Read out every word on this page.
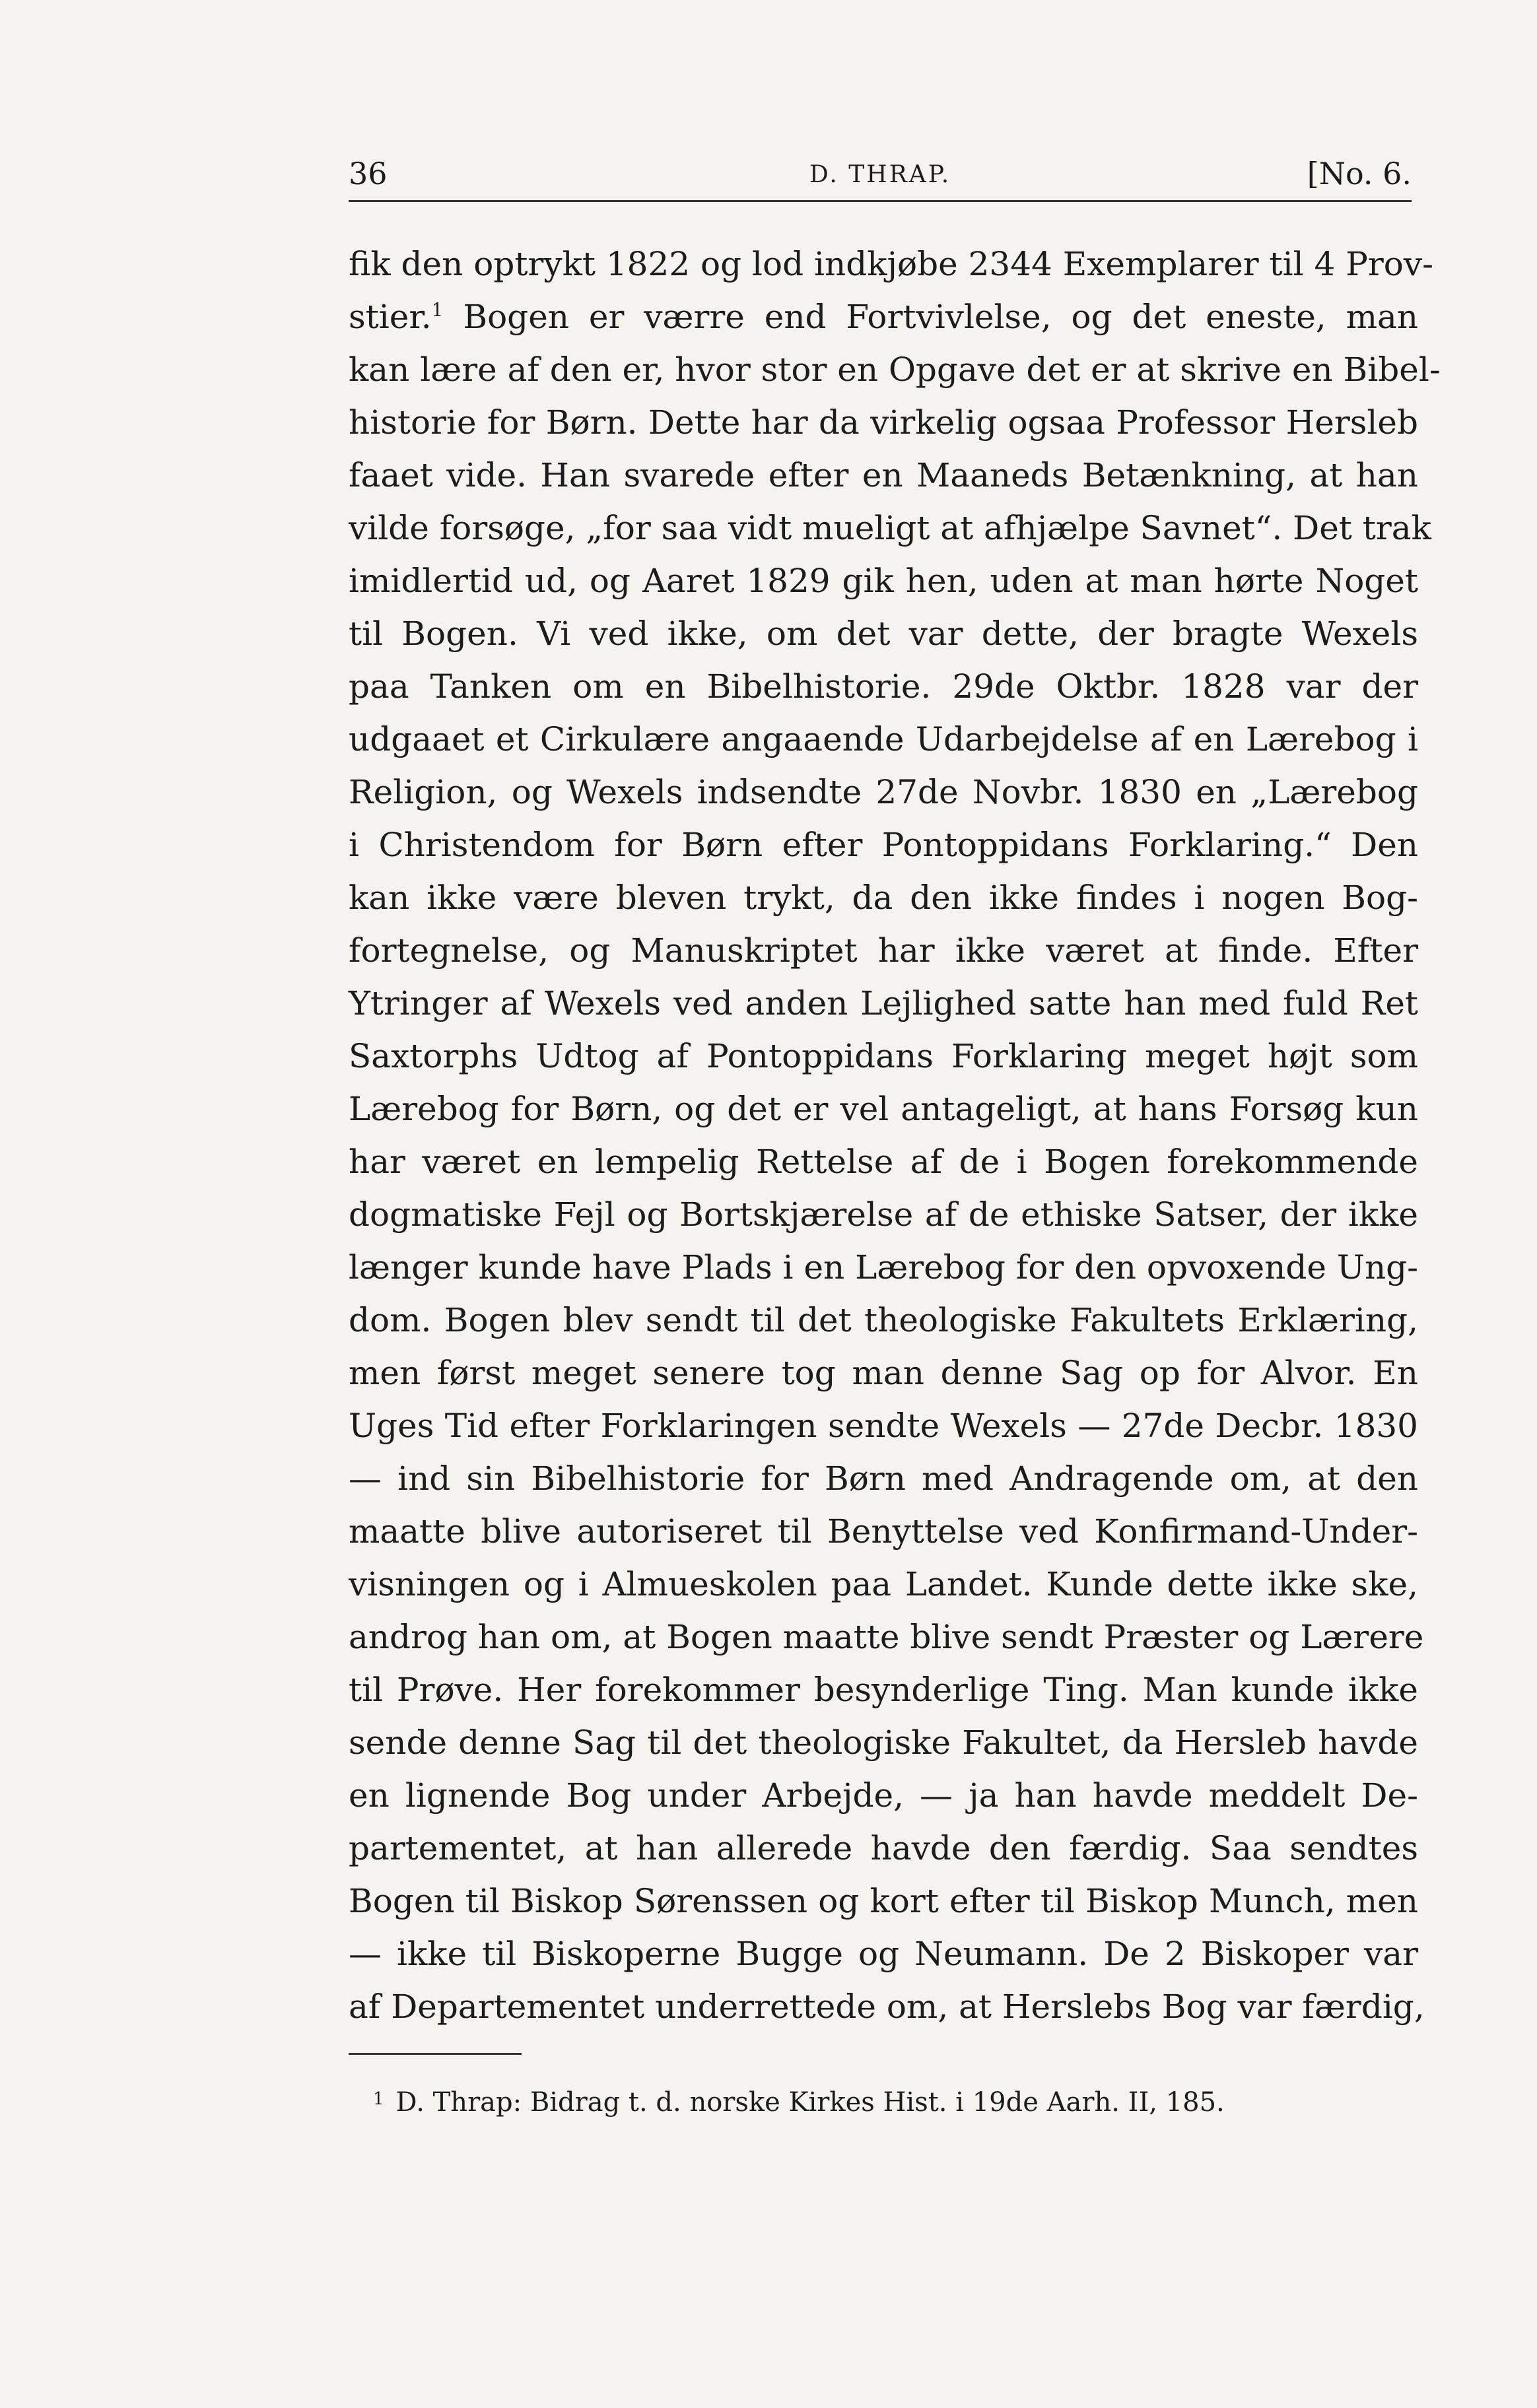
36	D. THRAP.	[No. 6.
fik den optrykt 1822 og lod indkjøbe 2344 Exemplarer til 4 Prov-
stier.$^1$ Bogen er værre end Fortvivlelse, og det eneste, man
kan lære af den er, hvor stor en Opgave det er at skrive en Bibel-
historie for Børn. Dette har da virkelig ogsaa Professor Hersleb
faaet vide. Han svarede efter en Maaneds Betænkning, at han
vilde forsøge, „for saa vidt mueligt at afhjælpe Savnet“. Det trak
imidlertid ud, og Aaret 1829 gik hen, uden at man hørte Noget
til Bogen. Vi ved ikke, om det var dette, der bragte Wexels
paa Tanken om en Bibelhistorie. 29de Oktbr. 1828 var der
udgaaet et Cirkulære angaaende Udarbejdelse af en Lærebog i
Religion, og Wexels indsendte 27de Novbr. 1830 en „Lærebog
i Christendom for Børn efter Pontoppidans Forklaring.“ Den
kan ikke være bleven trykt, da den ikke findes i nogen Bog-
fortegnelse, og Manuskriptet har ikke været at finde. Efter
Ytringer af Wexels ved anden Lejlighed satte han med fuld Ret
Saxtorphs Udtog af Pontoppidans Forklaring meget højt som
Lærebog for Børn, og det er vel antageligt, at hans Forsøg kun
har været en lempelig Rettelse af de i Bogen forekommende
dogmatiske Fejl og Bortskjærelse af de ethiske Satser, der ikke
længer kunde have Plads i en Lærebog for den opvoxende Ung-
dom. Bogen blev sendt til det theologiske Fakultets Erklæring,
men først meget senere tog man denne Sag op for Alvor. En
Uges Tid efter Forklaringen sendte Wexels — 27de Decbr. 1830
— ind sin Bibelhistorie for Børn med Andragende om, at den
maatte blive autoriseret til Benyttelse ved Konfirmand-Under-
visningen og i Almueskolen paa Landet. Kunde dette ikke ske,
androg han om, at Bogen maatte blive sendt Præster og Lærere
til Prøve. Her forekommer besynderlige Ting. Man kunde ikke
sende denne Sag til det theologiske Fakultet, da Hersleb havde
en lignende Bog under Arbejde, — ja han havde meddelt De-
partementet, at han allerede havde den færdig. Saa sendtes
Bogen til Biskop Sørenssen og kort efter til Biskop Munch, men
— ikke til Biskoperne Bugge og Neumann. De 2 Biskoper var
af Departementet underrettede om, at Herslebs Bog var færdig,
$^1$ D. Thrap: Bidrag t. d. norske Kirkes Hist. i 19de Aarh. II, 185.
